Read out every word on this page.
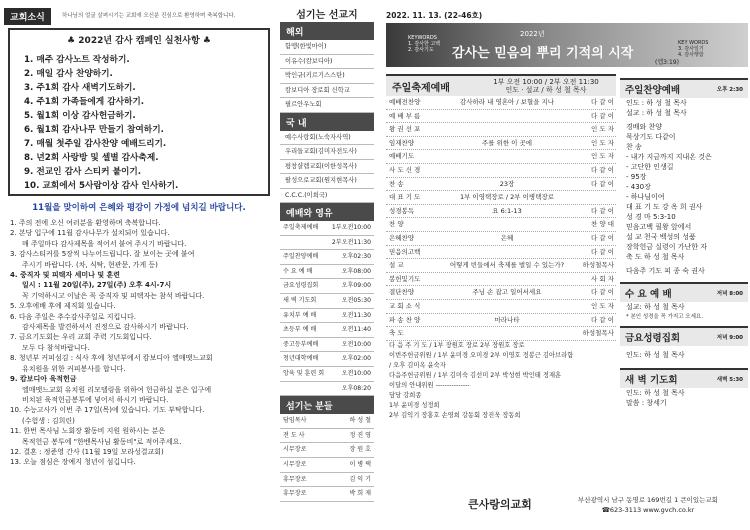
교회소식	하나님의 얼굴 살펴시기는 교회에 오신분 진심으로 환영하며 축복합니다.
♣ 2022년 감사 캠페인 실천사항 ♣
1. 매주 감사노트 작성하기.
2. 매일 감사 찬양하기.
3. 주1회 감사 새벽기도하기.
4. 주1회 가족들에게 감사하기.
5. 월1회 이상 감사헌금하기.
6. 월1회 감사나무 만들기 참여하기.
7. 매월 첫주일 감사찬양 예배드리기.
8. 년2회 사랑방 및 셀별 감사축제.
9. 전교인 감사 스티커 붙이기.
10. 교회에서 5사람이상 감사 인사하기.
11월을 맞이하여 은혜와 평강이 가정에 넘치길 바랍니다.
1. 주의 전에 오신 여러분을 환영하며 축복합니다.
2. 본당 입구에 11월 감사나무가 설치되어 있습니다.
매 주일마다 감사제목을 적어서 붙여 주시기 바랍니다.
3. 감사스티커를 5장씩 나누어드립니다. 잘 보이는 곳에 붙여
주시기 바랍니다. (차, 식탁, 현관문, 가게 등)
4. 중직자 및 피택자 세미나 및 훈련
일시 : 11월 20일(주), 27일(주) 오후 4시-7시
꼭 기억하시고 이날은 꼭 중직자 및 피택자는 참석 바랍니다.
5. 오후에배 후에 제직회 있습니다.
6. 다음 주일은 추수감사주일로 지킵니다.
감사제목을 발견하셔서 진정으로 감사하시기 바랍니다.
7. 금요기도회는 우리 교회 주력 기도회입니다.
모두 다 참석바랍니다.
8. 청년부 커피섬김 : 식사 후에 청년부에서 캄보디아 엘매맷느교회
유치원을 위한 커피봉사를 합니다.
9. 캄보디아 육적헌금
엘매맷느교회 유치원 리모델링을 위하여 헌금하실 분은 입구에
비치된 육적헌금봉투에 넣어서 하시기 바랍니다.
10. 수능고사가 이번 주 17일(목)에 있습니다. 기도 부탁합니다.
(수험생 : 김희린)
11. 한번 목사님 노회장 활동비 지원 원하시는 분은
목적헌금 봉투에 "한벤목사님 활동비"로 적어주세요.
12. 결혼 : 정준영 간사 (11월 19일 모라성결교회)
13. 오늘 점심은 장예지 청년이 섬깁니다.
섬기는 선교지
해외
함맹(한빛마이)
이유수(캄보디아)
박인규(키르기스스탄)
캄보디아 장로회 신학교
필르안우노회
국 내
예수사랑회(노숙자사역)
우리들교회(김미자전도사)
평창샬렘교회(이한성목사)
팔성으로교회(원지현목사)
C.C.C.(이희국)
예배와 영유
주일축제예배 1부오전10:00
2부오전11:30
주일찬양예배	오후02:30
수 요 예 배	오후08:00
금요성령집회	오후09:00
새 벽 기도회	오전05:30
유치부 예 배	오전11:30
초등부 예 배	오전11:40
중고등부예배	오전10:00
청년대학예배	오후02:00
앙육 및 훈련 회	오전10:00
오후08:20
섬기는 분들
담임목사	하 성 철
전 도 사	정 진 영
시무장로	장 원 호
시무장로	이 병 택
휴무장로	김 익 기
휴무장로	박 희 재
2022. 11. 13. (22-46호)
KEYWORDS
1. 감사한 고백
2. 감사기도
2022년
감사는 믿음의 뿌리 기적의 시작
(엡3:19)
KEY WORDS
3. 감사일기
4. 감사행함
주일축제예배
1부 오전 10:00 / 2부 오전 11:30
인도 · 설교 / 하 성 철 목사
예배전찬양	감사하라 내 영혼아 / 보혈을 지나	다 같 이
예 배 부 름	다 같 이
왕 권 선 포	인 도 자
임재찬양	주를 위한 이 곳에	인 도 자
예배기도	인 도 자
사 도 신 경	다 같 이
찬 송	23장	다 같 이
대 표 기 도	1부 이영택장로 / 2부 이병택장로
성경봉독	요 6:1-13	다 같 이
찬 양	찬 양 대
은혜찬양	은혜	다 같 이
믿음의고백	다 같 이
설 교	어떻게 빈들에서 축제를 벌일 수 있는가?	하성철목사
봉헌및기도	사 회 자
결단찬양	주님 손 잡고 일어서세요	다 같 이
교 회 소 식	인 도 자
파 송 찬 양	마라나타	다 같 이
축 도	하성철목사
다 음 주 기 도 / 1부 장원호 장로 2부 장원호 장로
이번주헌금위원 / 1부 윤미경 오미경 2부 이영호 정봉근 김아브라함
/ 오후 김미옥 윤숙자
다음주헌금위원 / 1부 김미숙 김선미 2부 박성현 박인태 정재훈
이달의 안내위원 ---------------
담당 강희종
1부 윤미경 성정희
2부 김익기 장홍호 손영희 강동회 장진욱 장동희
주일찬양예배	오후 2:30
인도 : 하 성 철 목사
설교 : 하 성 철 목사
경배와 찬양
묵상기도 다같이
찬 송
- 내가 지금까지 지내온 것은
- 고단한 인생길
- 95장
- 430장
- 하나님이여
대 표 기 도 강 옥 희 권사
성 경 마 5:3-10
믿음고백 필왕 앞에서
설 교 천국 백성의 성품
장학헌금 실령이 가난한 자
축 도 하 성 철 목사
다음주 기도 피 종 숙 권사
수 요 예 배	저녁 8:00
설교: 하 성 철 목사
* 본인 성경을 꼭 가지고 오세요.
금요성령집회	저녁 9:00
인도: 하 성 철 목사
새 벽 기도회	새벽 5:30
인도: 하 성 철 목사
말씀 : 창세기
큰사랑의교회	부산광역시 남구 동명로 169번길 1 큰이있는교회
☎623-3113 www.gvch.co.kr
